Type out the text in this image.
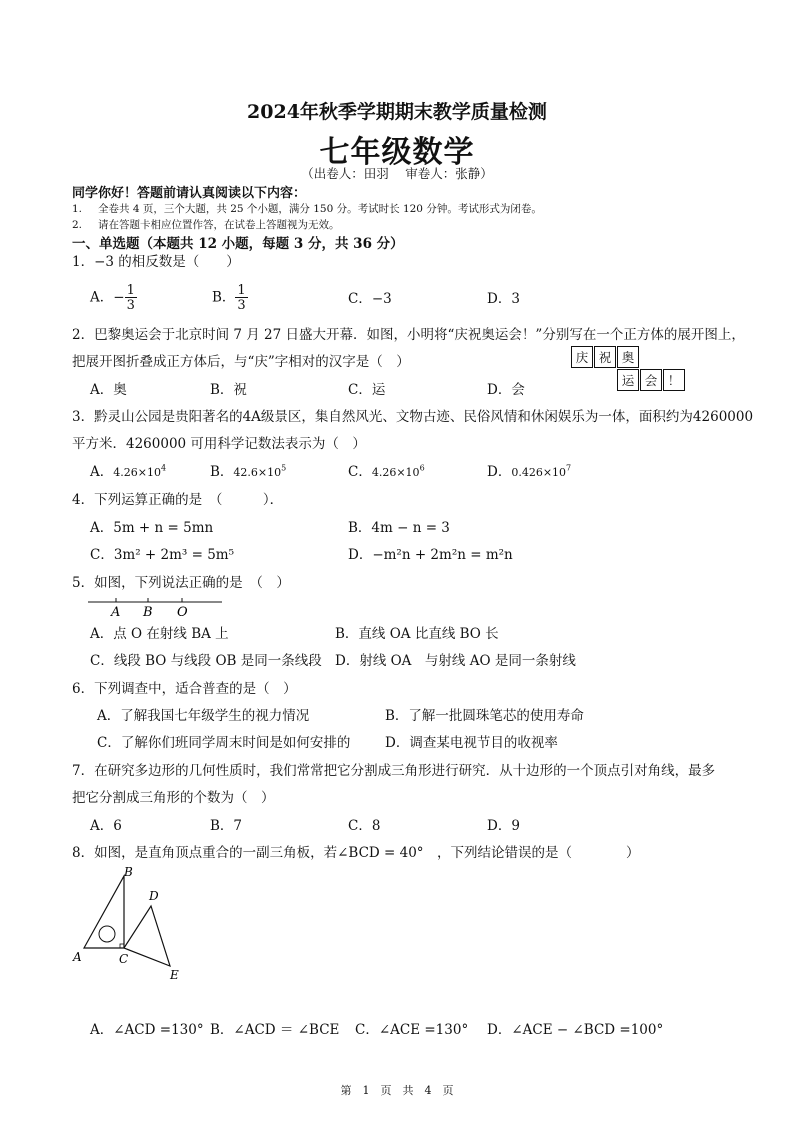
2024年秋季学期期末教学质量检测
七年级数学
（出卷人：田羽　 审卷人：张静）
同学你好！答题前请认真阅读以下内容：
1. 全卷共 4 页，三个大题，共 25 个小题，满分 150 分。考试时长 120 分钟。考试形式为闭卷。
2. 请在答题卡相应位置作答，在试卷上答题视为无效。
一、单选题（本题共 12 小题，每题 3 分，共 36 分）
1．−3 的相反数是（　　）
A．− $\frac{1}{3}$	B． $\frac{1}{3}$	C．−3	D．3
2．巴黎奥运会于北京时间 7 月 27 日盛大开幕．如图，小明将“庆祝奥运会！”分别写在一个正方体的展开图上，
把展开图折叠成正方体后，与“庆”字相对的汉字是（　）
A．奥	B．祝	C．运	D．会
庆 祝 奥
运 会 ！
3．黔灵山公园是贵阳著名的4A级景区，集自然风光、文物古迹、民俗风情和休闲娱乐为一体，面积约为4260000
平方米．4260000 可用科学记数法表示为（　）
A．$4.26\times 10^4$	B．$42.6\times 10^5$	C．$4.26\times 10^6$	D．$0.426\times 10^7$
4．下列运算正确的是　（　　　）．
A．5m + n = 5mn	B．4m − n = 3
C．3m² + 2m³ = 5m⁵	D．−m²n + 2m²n = m²n
5．如图，下列说法正确的是　（　）
A B O
A．点 O 在射线 BA 上	B．直线 OA 比直线 BO 长
C．线段 BO 与线段 OB 是同一条线段 D．射线 OA　与射线 AO 是同一条射线
6．下列调查中，适合普查的是（　）
A．了解我国七年级学生的视力情况	B．了解一批圆珠笔芯的使用寿命
C．了解你们班同学周末时间是如何安排的	D．调查某电视节目的收视率
7．在研究多边形的几何性质时，我们常常把它分割成三角形进行研究．从十边形的一个顶点引对角线，最多
把它分割成三角形的个数为（　）
A．6	B．7	C．8	D．9
8．如图，是直角顶点重合的一副三角板，若∠BCD = 40°　，下列结论错误的是（　　　　）
A
B
C
D
E
A．∠ACD =130° B．∠ACD ＝ ∠BCE C．∠ACE =130° D．∠ACE − ∠BCD =100°
第　1　页　共　4　页
